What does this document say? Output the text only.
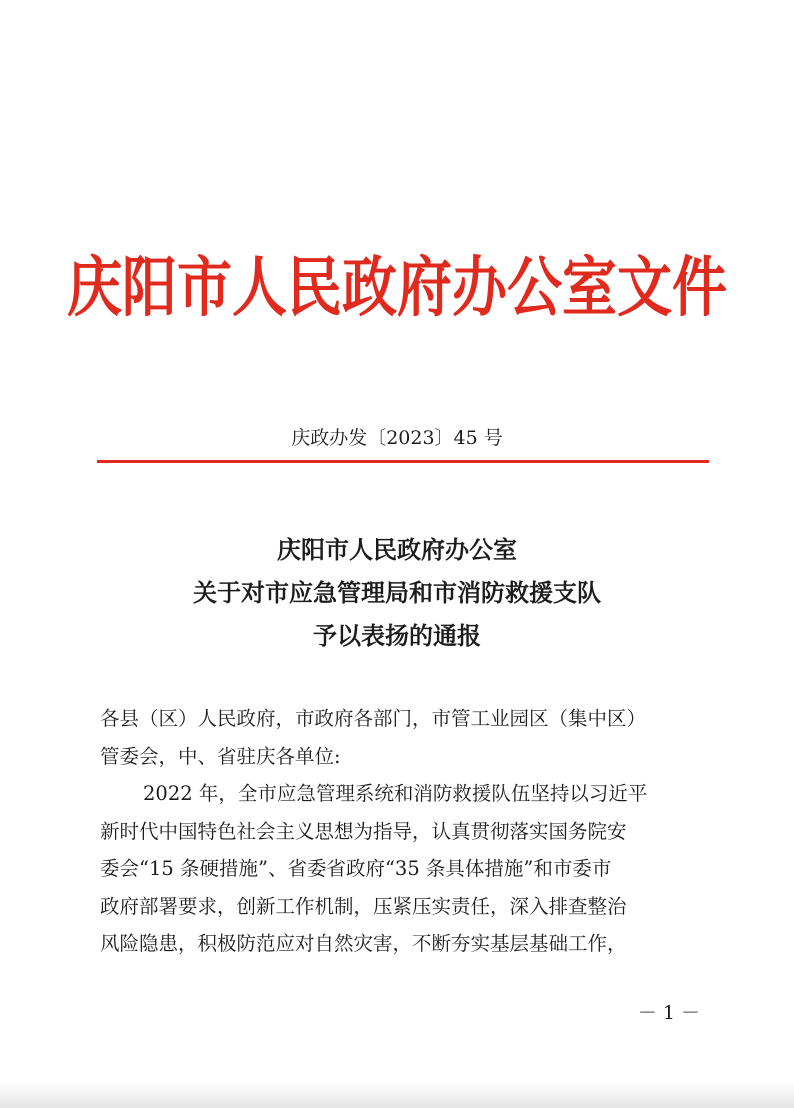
庆阳市人民政府办公室文件
庆政办发〔2023〕45 号
庆阳市人民政府办公室
关于对市应急管理局和市消防救援支队
予以表扬的通报
各县（区）人民政府，市政府各部门，市管工业园区（集中区）
管委会，中、省驻庆各单位:
2022 年，全市应急管理系统和消防救援队伍坚持以习近平
新时代中国特色社会主义思想为指导，认真贯彻落实国务院安
委会“15 条硬措施”、省委省政府“35 条具体措施”和市委市
政府部署要求，创新工作机制，压紧压实责任，深入排查整治
风险隐患，积极防范应对自然灾害，不断夯实基层基础工作，
－ 1 －
